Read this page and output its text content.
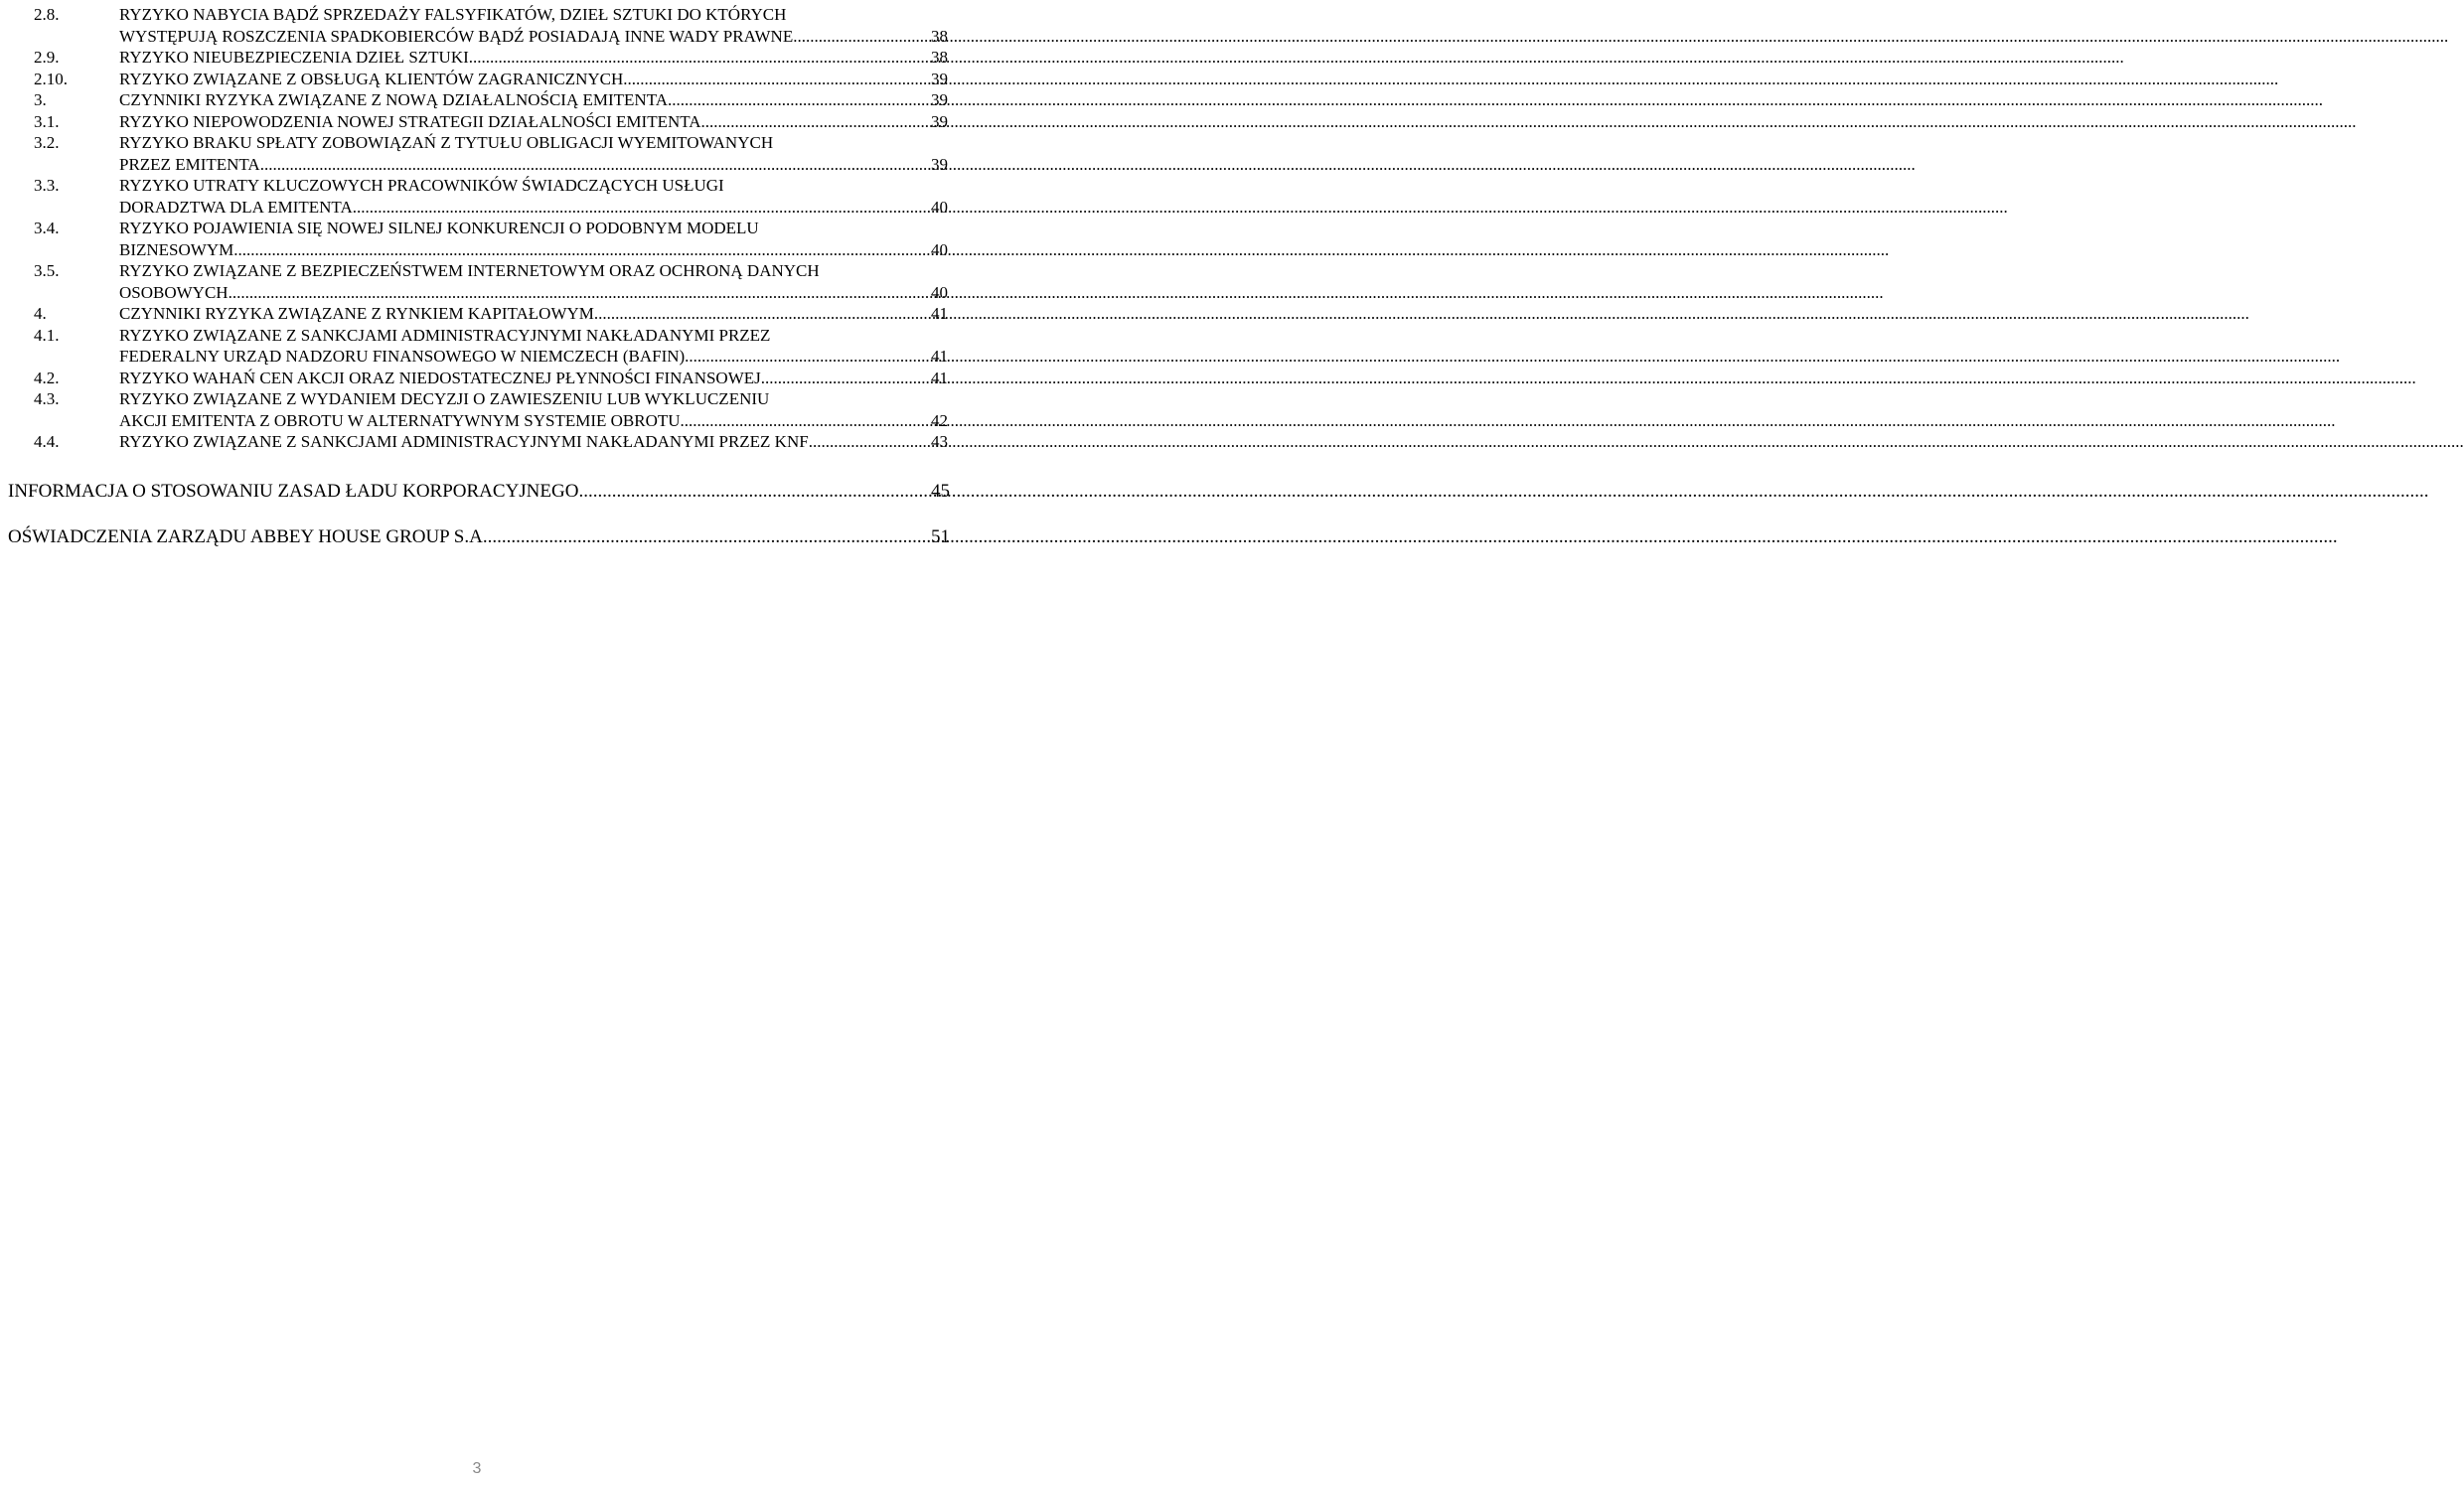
2.8.	RYZYKO NABYCIA BĄDŹ SPRZEDAŻY FALSYFIKATÓW, DZIEŁ SZTUKI DO KTÓRYCH
WYSTĘPUJĄ ROSZCZENIA SPADKOBIERCÓW BĄDŹ POSIADAJĄ INNE WADY PRAWNE .....	38
2.9.	RYZYKO NIEUBEZPIECZENIA DZIEŁ SZTUKI .....	38
2.10.	RYZYKO ZWIĄZANE Z OBSŁUGĄ KLIENTÓW ZAGRANICZNYCH .....	39
3.	CZYNNIKI RYZYKA ZWIĄZANE Z NOWĄ DZIAŁALNOŚCIĄ EMITENTA .....	39
3.1.	RYZYKO NIEPOWODZENIA NOWEJ STRATEGII DZIAŁALNOŚCI EMITENTA .....	39
3.2.	RYZYKO BRAKU SPŁATY ZOBOWIĄZAŃ Z TYTUŁU OBLIGACJI WYEMITOWANYCH
PRZEZ EMITENTA .....	39
3.3.	RYZYKO UTRATY KLUCZOWYCH PRACOWNIKÓW ŚWIADCZĄCYCH USŁUGI
DORADZTWA DLA EMITENTA .....	40
3.4.	RYZYKO POJAWIENIA SIĘ NOWEJ SILNEJ KONKURENCJI O PODOBNYM MODELU
BIZNESOWYM .....	40
3.5.	RYZYKO ZWIĄZANE Z BEZPIECZEŃSTWEM INTERNETOWYM ORAZ OCHRONĄ DANYCH
OSOBOWYCH .....	40
4.	CZYNNIKI RYZYKA ZWIĄZANE Z RYNKIEM KAPITAŁOWYM .....	41
4.1.	RYZYKO ZWIĄZANE Z SANKCJAMI ADMINISTRACYJNYMI NAKŁADANYMI PRZEZ
FEDERALNY URZĄD NADZORU FINANSOWEGO W NIEMCZECH (BAFIN) .....	41
4.2.	RYZYKO WAHAŃ CEN AKCJI ORAZ NIEDOSTATECZNEJ PŁYNNOŚCI FINANSOWEJ .....	41
4.3.	RYZYKO ZWIĄZANE Z WYDANIEM DECYZJI O ZAWIESZENIU LUB WYKLUCZENIU
AKCJI EMITENTA Z OBROTU W ALTERNATYWNYM SYSTEMIE OBROTU .....	42
4.4.	RYZYKO ZWIĄZANE Z SANKCJAMI ADMINISTRACYJNYMI NAKŁADANYMI PRZEZ KNF .....	43
INFORMACJA O STOSOWANIU ZASAD ŁADU KORPORACYJNEGO .....	45
OŚWIADCZENIA ZARZĄDU ABBEY HOUSE GROUP S.A. .....	51
3
